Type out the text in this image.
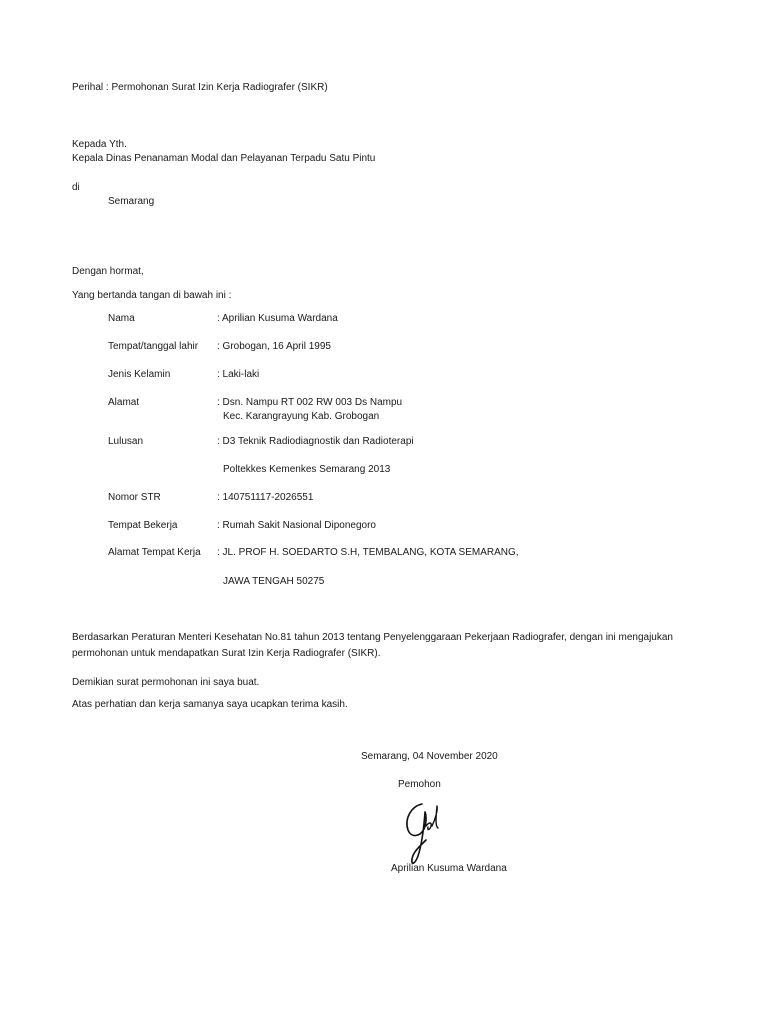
Perihal : Permohonan Surat Izin Kerja Radiografer (SIKR)
Kepada Yth.
Kepala Dinas Penanaman Modal dan Pelayanan Terpadu Satu Pintu
di
Semarang
Dengan hormat,
Yang bertanda tangan di bawah ini :
Nama	: Aprilian Kusuma Wardana
Tempat/tanggal lahir : Grobogan, 16 April 1995
Jenis Kelamin	: Laki-laki
Alamat	: Dsn. Nampu RT 002 RW 003 Ds Nampu
Kec. Karangrayung Kab. Grobogan
Lulusan	: D3 Teknik Radiodiagnostik dan Radioterapi
Poltekkes Kemenkes Semarang 2013
Nomor STR	: 140751117-2026551
Tempat Bekerja	: Rumah Sakit Nasional Diponegoro
Alamat Tempat Kerja : JL. PROF H. SOEDARTO S.H, TEMBALANG, KOTA SEMARANG,
JAWA TENGAH 50275
Berdasarkan Peraturan Menteri Kesehatan No.81 tahun 2013 tentang Penyelenggaraan Pekerjaan Radiografer, dengan ini mengajukan
permohonan untuk mendapatkan Surat Izin Kerja Radiografer (SIKR).
Demikian surat permohonan ini saya buat.
Atas perhatian dan kerja samanya saya ucapkan terima kasih.
Semarang, 04 November 2020
Pemohon
Aprilian Kusuma Wardana
